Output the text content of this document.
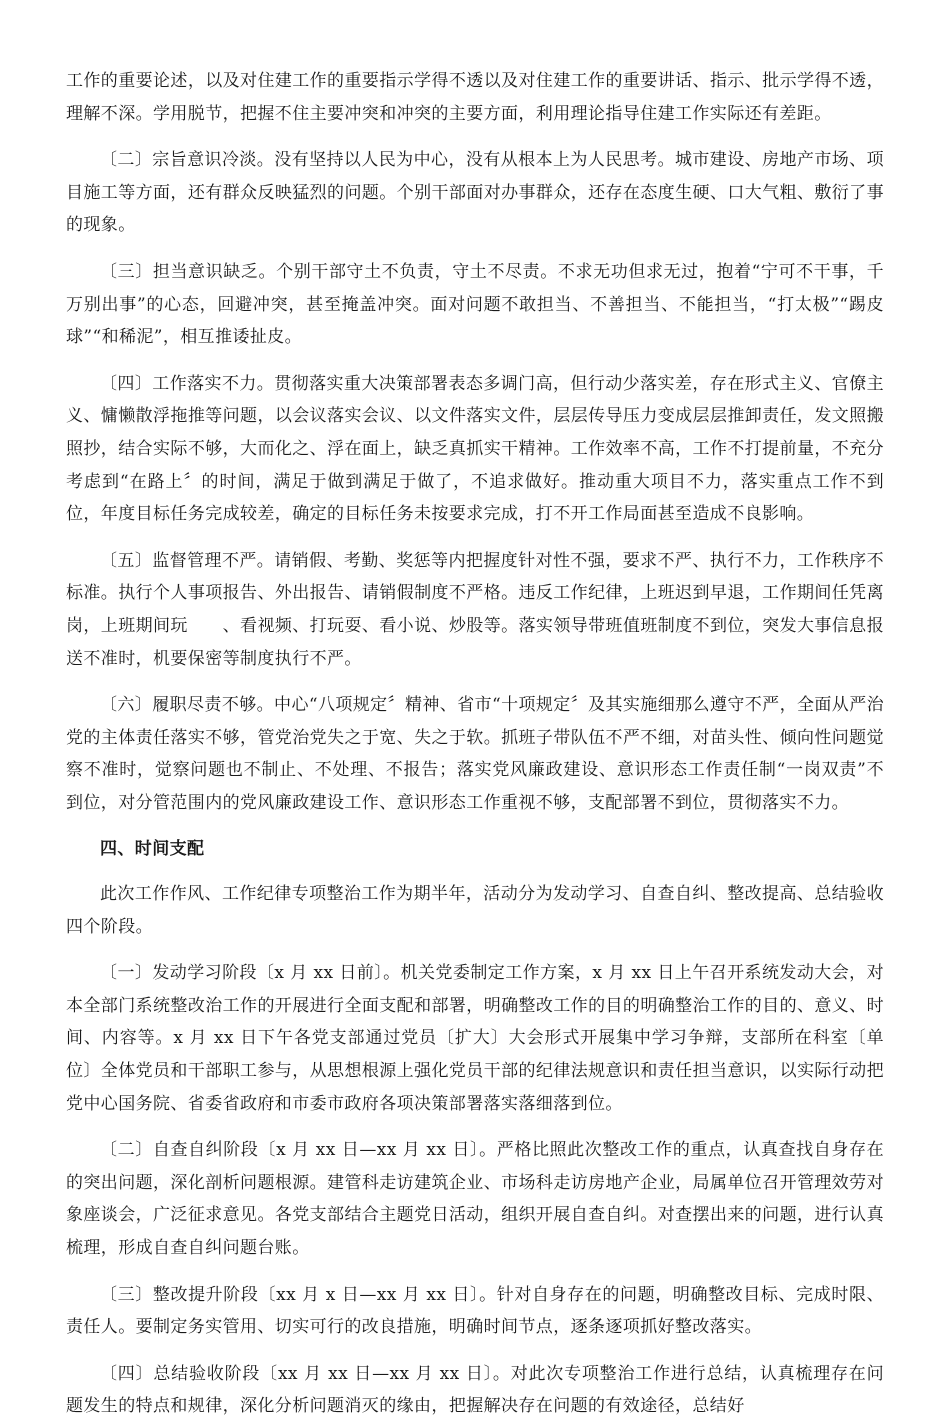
工作的重要论述，以及对住建工作的重要指示学得不透以及对住建工作的重要讲话、指示、批示学得不透，理解不深。学用脱节，把握不住主要冲突和冲突的主要方面，利用理论指导住建工作实际还有差距。

〔二〕宗旨意识冷淡。没有坚持以人民为中心，没有从根本上为人民思考。城市建设、房地产市场、项目施工等方面，还有群众反映猛烈的问题。个别干部面对办事群众，还存在态度生硬、口大气粗、敷衍了事的现象。

〔三〕担当意识缺乏。个别干部守土不负责，守土不尽责。不求无功但求无过，抱着“宁可不干事，千万别出事”的心态，回避冲突，甚至掩盖冲突。面对问题不敢担当、不善担当、不能担当，“打太极”“踢皮球”“和稀泥”，相互推诿扯皮。

〔四〕工作落实不力。贯彻落实重大决策部署表态多调门高，但行动少落实差，存在形式主义、官僚主义、慵懒散浮拖推等问题，以会议落实会议、以文件落实文件，层层传导压力变成层层推卸责任，发文照搬照抄，结合实际不够，大而化之、浮在面上，缺乏真抓实干精神。工作效率不高，工作不打提前量，不充分考虑到“在路上〞的时间，满足于做到满足于做了，不追求做好。推动重大项目不力，落实重点工作不到位，年度目标任务完成较差，确定的目标任务未按要求完成，打不开工作局面甚至造成不良影响。

〔五〕监督管理不严。请销假、考勤、奖惩等内把握度针对性不强，要求不严、执行不力，工作秩序不标准。执行个人事项报告、外出报告、请销假制度不严格。违反工作纪律，上班迟到早退，工作期间任凭离岗，上班期间玩　　、看视频、打玩耍、看小说、炒股等。落实领导带班值班制度不到位，突发大事信息报送不准时，机要保密等制度执行不严。

〔六〕履职尽责不够。中心“八项规定〞精神、省市“十项规定〞及其实施细那么遵守不严，全面从严治党的主体责任落实不够，管党治党失之于宽、失之于软。抓班子带队伍不严不细，对苗头性、倾向性问题觉察不准时，觉察问题也不制止、不处理、不报告；落实党风廉政建设、意识形态工作责任制“一岗双责”不到位，对分管范围内的党风廉政建设工作、意识形态工作重视不够，支配部署不到位，贯彻落实不力。

四、时间支配

此次工作作风、工作纪律专项整治工作为期半年，活动分为发动学习、自查自纠、整改提高、总结验收四个阶段。

〔一〕发动学习阶段〔x 月 xx 日前〕。机关党委制定工作方案，x 月 xx 日上午召开系统发动大会，对本全部门系统整改治工作的开展进行全面支配和部署，明确整改工作的目的明确整治工作的目的、意义、时间、内容等。x 月 xx 日下午各党支部通过党员〔扩大〕大会形式开展集中学习争辩，支部所在科室〔单位〕全体党员和干部职工参与，从思想根源上强化党员干部的纪律法规意识和责任担当意识，以实际行动把党中心国务院、省委省政府和市委市政府各项决策部署落实落细落到位。

〔二〕自查自纠阶段〔x 月 xx 日—xx 月 xx 日〕。严格比照此次整改工作的重点，认真查找自身存在的突出问题，深化剖析问题根源。建管科走访建筑企业、市场科走访房地产企业，局属单位召开管理效劳对象座谈会，广泛征求意见。各党支部结合主题党日活动，组织开展自查自纠。对查摆出来的问题，进行认真梳理，形成自查自纠问题台账。

〔三〕整改提升阶段〔xx 月 x 日—xx 月 xx 日〕。针对自身存在的问题，明确整改目标、完成时限、责任人。要制定务实管用、切实可行的改良措施，明确时间节点，逐条逐项抓好整改落实。

〔四〕总结验收阶段〔xx 月 xx 日—xx 月 xx 日〕。对此次专项整治工作进行总结，认真梳理存在问题发生的特点和规律，深化分析问题消灭的缘由，把握解决存在问题的有效途径，总结好
